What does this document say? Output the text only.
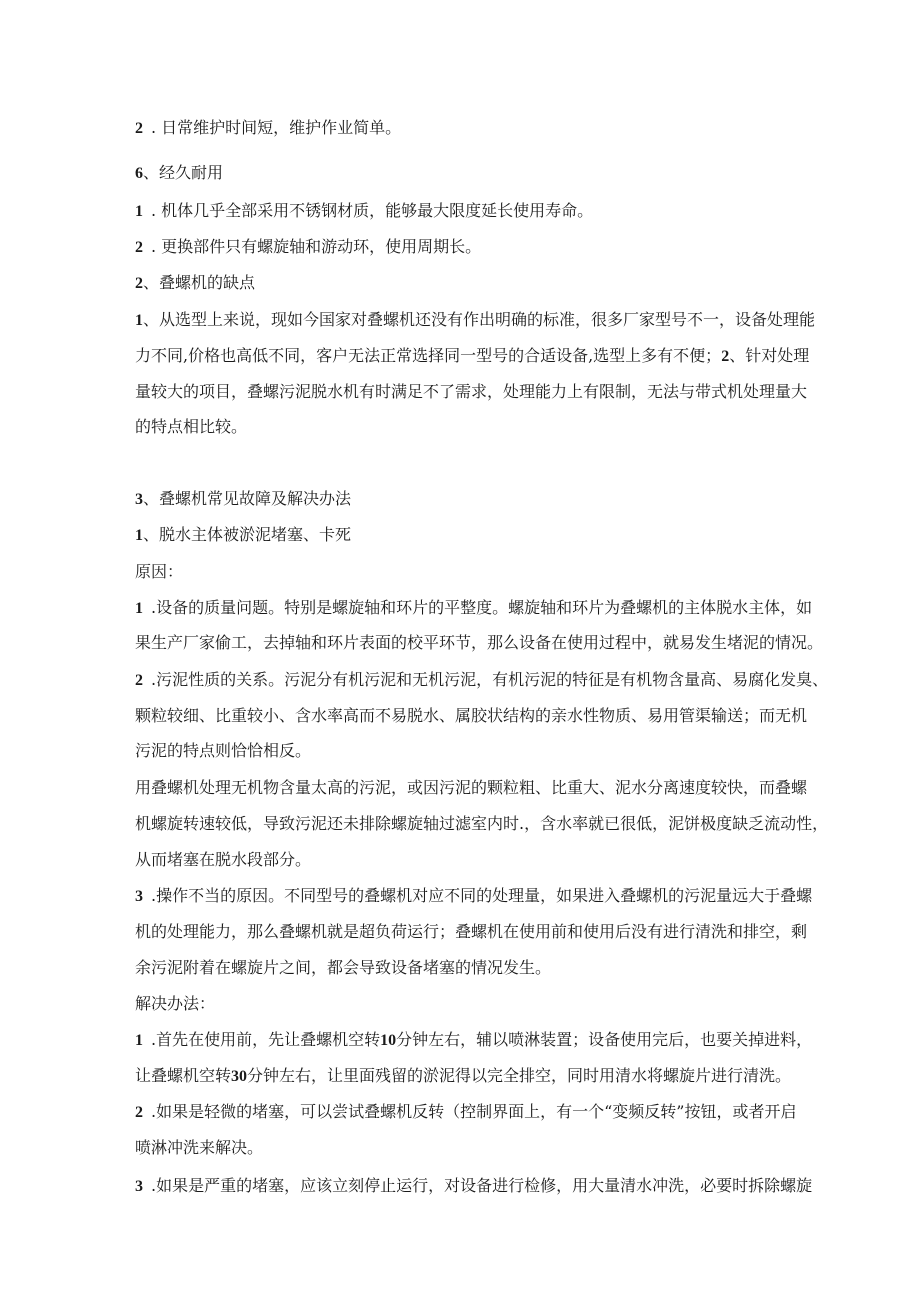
2 . 日常维护时间短，维护作业简单。
6、经久耐用
1 . 机体几乎全部采用不锈钢材质，能够最大限度延长使用寿命。
2 . 更换部件只有螺旋轴和游动环，使用周期长。
2、叠螺机的缺点
1、从选型上来说，现如今国家对叠螺机还没有作出明确的标准，很多厂家型号不一，设备处理能
力不同,价格也高低不同，客户无法正常选择同一型号的合适设备,选型上多有不便；2、针对处理
量较大的项目，叠螺污泥脱水机有时满足不了需求，处理能力上有限制，无法与带式机处理量大
的特点相比较。
3、叠螺机常见故障及解决办法
1、脱水主体被淤泥堵塞、卡死
原因：
1 .设备的质量问题。特别是螺旋轴和环片的平整度。螺旋轴和环片为叠螺机的主体脱水主体，如
果生产厂家偷工，去掉轴和环片表面的校平环节，那么设备在使用过程中，就易发生堵泥的情况。
2 .污泥性质的关系。污泥分有机污泥和无机污泥，有机污泥的特征是有机物含量高、易腐化发臭、
颗粒较细、比重较小、含水率高而不易脱水、属胶状结构的亲水性物质、易用管渠输送；而无机
污泥的特点则恰恰相反。
用叠螺机处理无机物含量太高的污泥，或因污泥的颗粒粗、比重大、泥水分离速度较快，而叠螺
机螺旋转速较低，导致污泥还未排除螺旋轴过滤室内时.，含水率就已很低，泥饼极度缺乏流动性，
从而堵塞在脱水段部分。
3 .操作不当的原因。不同型号的叠螺机对应不同的处理量，如果进入叠螺机的污泥量远大于叠螺
机的处理能力，那么叠螺机就是超负荷运行；叠螺机在使用前和使用后没有进行清洗和排空，剩
余污泥附着在螺旋片之间，都会导致设备堵塞的情况发生。
解决办法：
1 .首先在使用前，先让叠螺机空转10分钟左右，辅以喷淋装置；设备使用完后，也要关掉进料，
让叠螺机空转30分钟左右，让里面残留的淤泥得以完全排空，同时用清水将螺旋片进行清洗。
2 .如果是轻微的堵塞，可以尝试叠螺机反转（控制界面上，有一个“变频反转”按钮，或者开启
喷淋冲洗来解决。
3 .如果是严重的堵塞，应该立刻停止运行，对设备进行检修，用大量清水冲洗，必要时拆除螺旋
